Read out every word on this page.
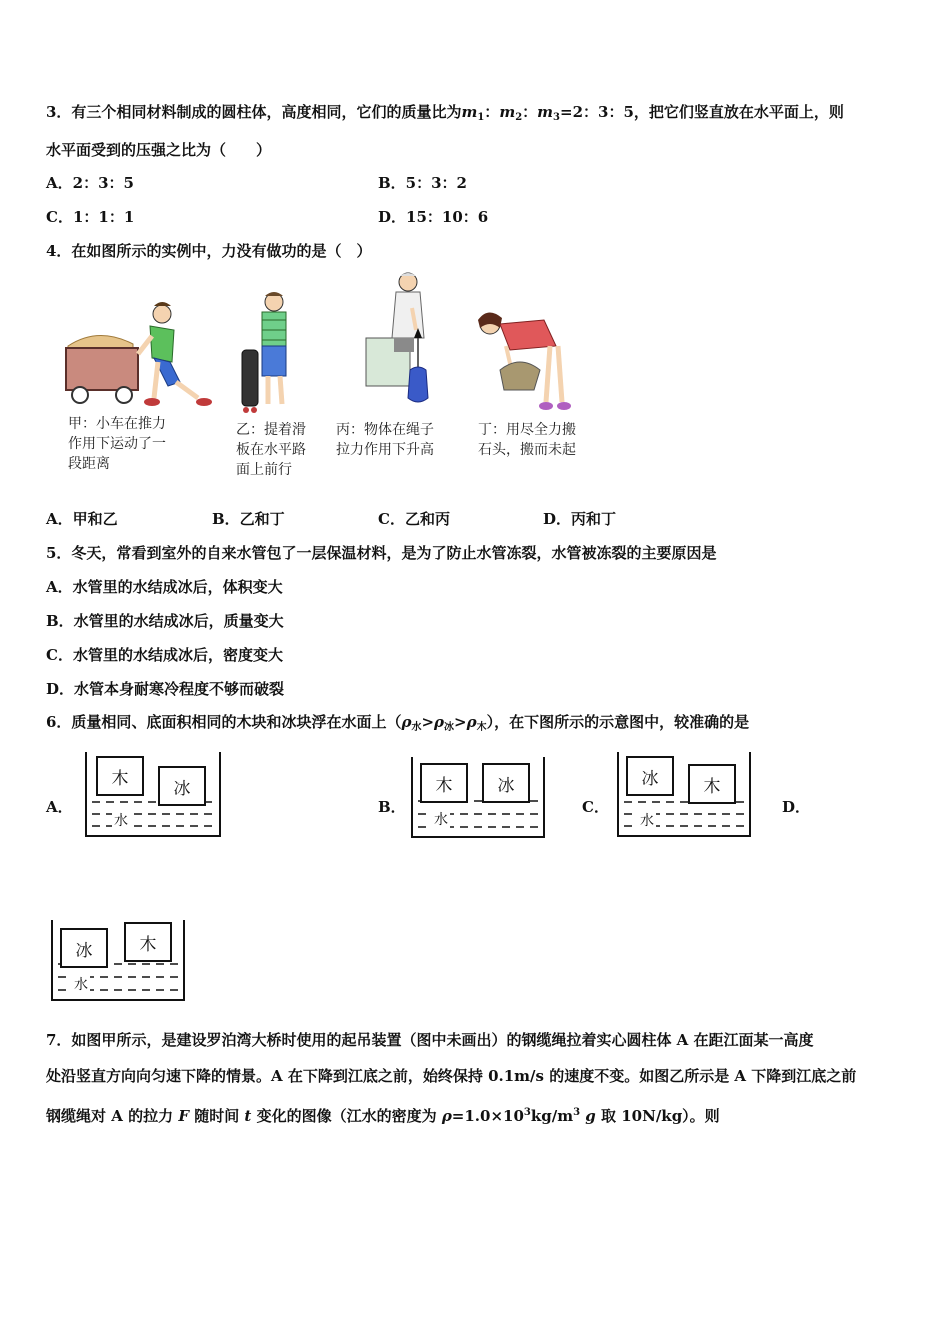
3．有三个相同材料制成的圆柱体，高度相同，它们的质量比为$m_1$：$m_2$：$m_3=2$：3：5，把它们竖直放在水平面上，则
水平面受到的压强之比为（　　）
A．2：3：5	B．5：3：2
C．1：1：1	D．15：10：6
4．在如图所示的实例中，力没有做功的是（　）
甲：小车在推力
作用下运动了一
段距离
乙：提着滑
板在水平路
面上前行
丙：物体在绳子
拉力作用下升高
丁：用尽全力搬
石头，搬而未起
A．甲和乙	B．乙和丁	C．乙和丙	D．丙和丁
5．冬天，常看到室外的自来水管包了一层保温材料，是为了防止水管冻裂，水管被冻裂的主要原因是
A．水管里的水结成冰后，体积变大
B．水管里的水结成冰后，质量变大
C．水管里的水结成冰后，密度变大
D．水管本身耐寒冷程度不够而破裂
6．质量相同、底面积相同的木块和冰块浮在水面上$(\rho_水>\rho_冰>\rho_木)$，在下图所示的示意图中，较准确的是
A．	B．	C．	D．
木	冰
水
木	冰
水
冰	木
水
冰	木
水
7．如图甲所示，是建设罗泊湾大桥时使用的起吊装置（图中未画出）的钢缆绳拉着实心圆柱体 A 在距江面某一高度
处沿竖直方向向匀速下降的情景。A 在下降到江底之前，始终保持 0.1m/s 的速度不变。如图乙所示是 A 下降到江底之前
钢缆绳对 A 的拉力 F 随时间 t 变化的图像（江水的密度为 $\rho=1.0\times 10^3kg/m^3$ g 取 10N/kg）。则
